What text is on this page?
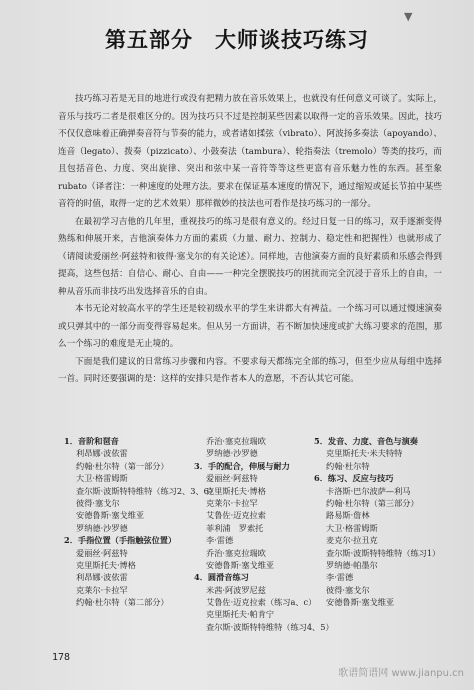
▼
第五部分　大师谈技巧练习

技巧练习若是无目的地进行或没有把精力放在音乐效果上，也就没有任何意义可谈了。实际上，音乐与技巧二者是很难区分的。因为技巧只不过是控制某些因素以取得一定的音乐效果。因此，技巧不仅仅意味着正确弹奏音符与节奏的能力，或者诸如揉弦（vibrato）、阿波扬多奏法（apoyando）、连音（legato）、拨奏（pizzicato）、小鼓奏法（tambura）、轮指奏法（tremolo）等类的技巧，而且包括音色、力度、突出旋律、突出和弦中某一音符等等这些更富有音乐魅力性的东西。甚至象rubato（译者注：一种速度的处理方法。要求在保证基本速度的情况下，通过缩短或延长节拍中某些音符的时值，取得一定的艺术效果）那样微妙的技法也可看作是技巧练习的一部分。

在最初学习吉他的几年里，重视技巧的练习是很有意义的。经过日复一日的练习，双手逐渐变得熟练和伸展开来，吉他演奏体力方面的素质（力量、耐力、控制力、稳定性和把握性）也就形成了（请阅读爱丽丝·阿兹特和彼得·塞戈尔的有关论述）。同样地，吉他演奏方面的良好素质和乐感会得到提高，这些包括：自信心、耐心、自由——一种完全摆脱技巧的困扰而完全沉浸于音乐上的自由，一种从音乐而非技巧出发选择音乐的自由。

本书无论对较高水平的学生还是较初级水平的学生来讲都大有裨益。一个练习可以通过慢速演奏或只弹其中的一部分而变得容易起来。但从另一方面讲，若不断加快速度或扩大练习要求的范围，那么一个练习的难度是无止境的。

下面是我们建议的日常练习步骤和内容。不要求每天都练完全部的练习，但至少应从每组中选择一首。同时还要强调的是：这样的安排只是作者本人的意愿，不否认其它可能。

1．音阶和琶音
利昂娜·波依雷
约翰·杜尔特（第一部分）
大卫·格雷姆斯
查尔斯·波斯特特维特（练习2、3、6）
彼得·塞戈尔
安德鲁斯·塞戈维亚
罗纳德·沙罗德
2．手指位置（手指触弦位置）
爱丽丝·阿兹特
克里斯托夫·博格
利昂娜·波依雷
克莱尔·卡拉罕
约翰·杜尔特（第二部分）
乔治·塞克拉瑞欧
罗纳德·沙罗德
3．手的配合，伸展与耐力
爱丽丝·阿兹特
克里斯托夫·博格
克莱尔·卡拉罕
艾鲁佐·迈克拉索
菲利浦　罗索托
李·雷德
乔治·塞克拉瑞欧
安德鲁斯·塞戈维亚
4．圆滑音练习
米茜·阿波罗尼兹
艾鲁佐·迈克拉索（练习a、c）
克里斯托夫·帕肯宁
查尔斯·波斯特特维特（练习4、5）
5．发音、力度、音色与演奏
克里斯托夫·米夫特特
约翰·杜尔特
6．练习、反应与技巧
卡洛斯·巴尔波萨—利马
约翰·杜尔特（第三部分）
路易斯·詹林
大卫·格雷姆斯
麦克尔·拉丑克
查尔斯·波斯特特维特（练习1）
罗纳德·帕墨尔
李·雷德
彼得·塞戈尔
安德鲁斯·塞戈维亚
178
歌谱简谱网 www.jianpu.cn
